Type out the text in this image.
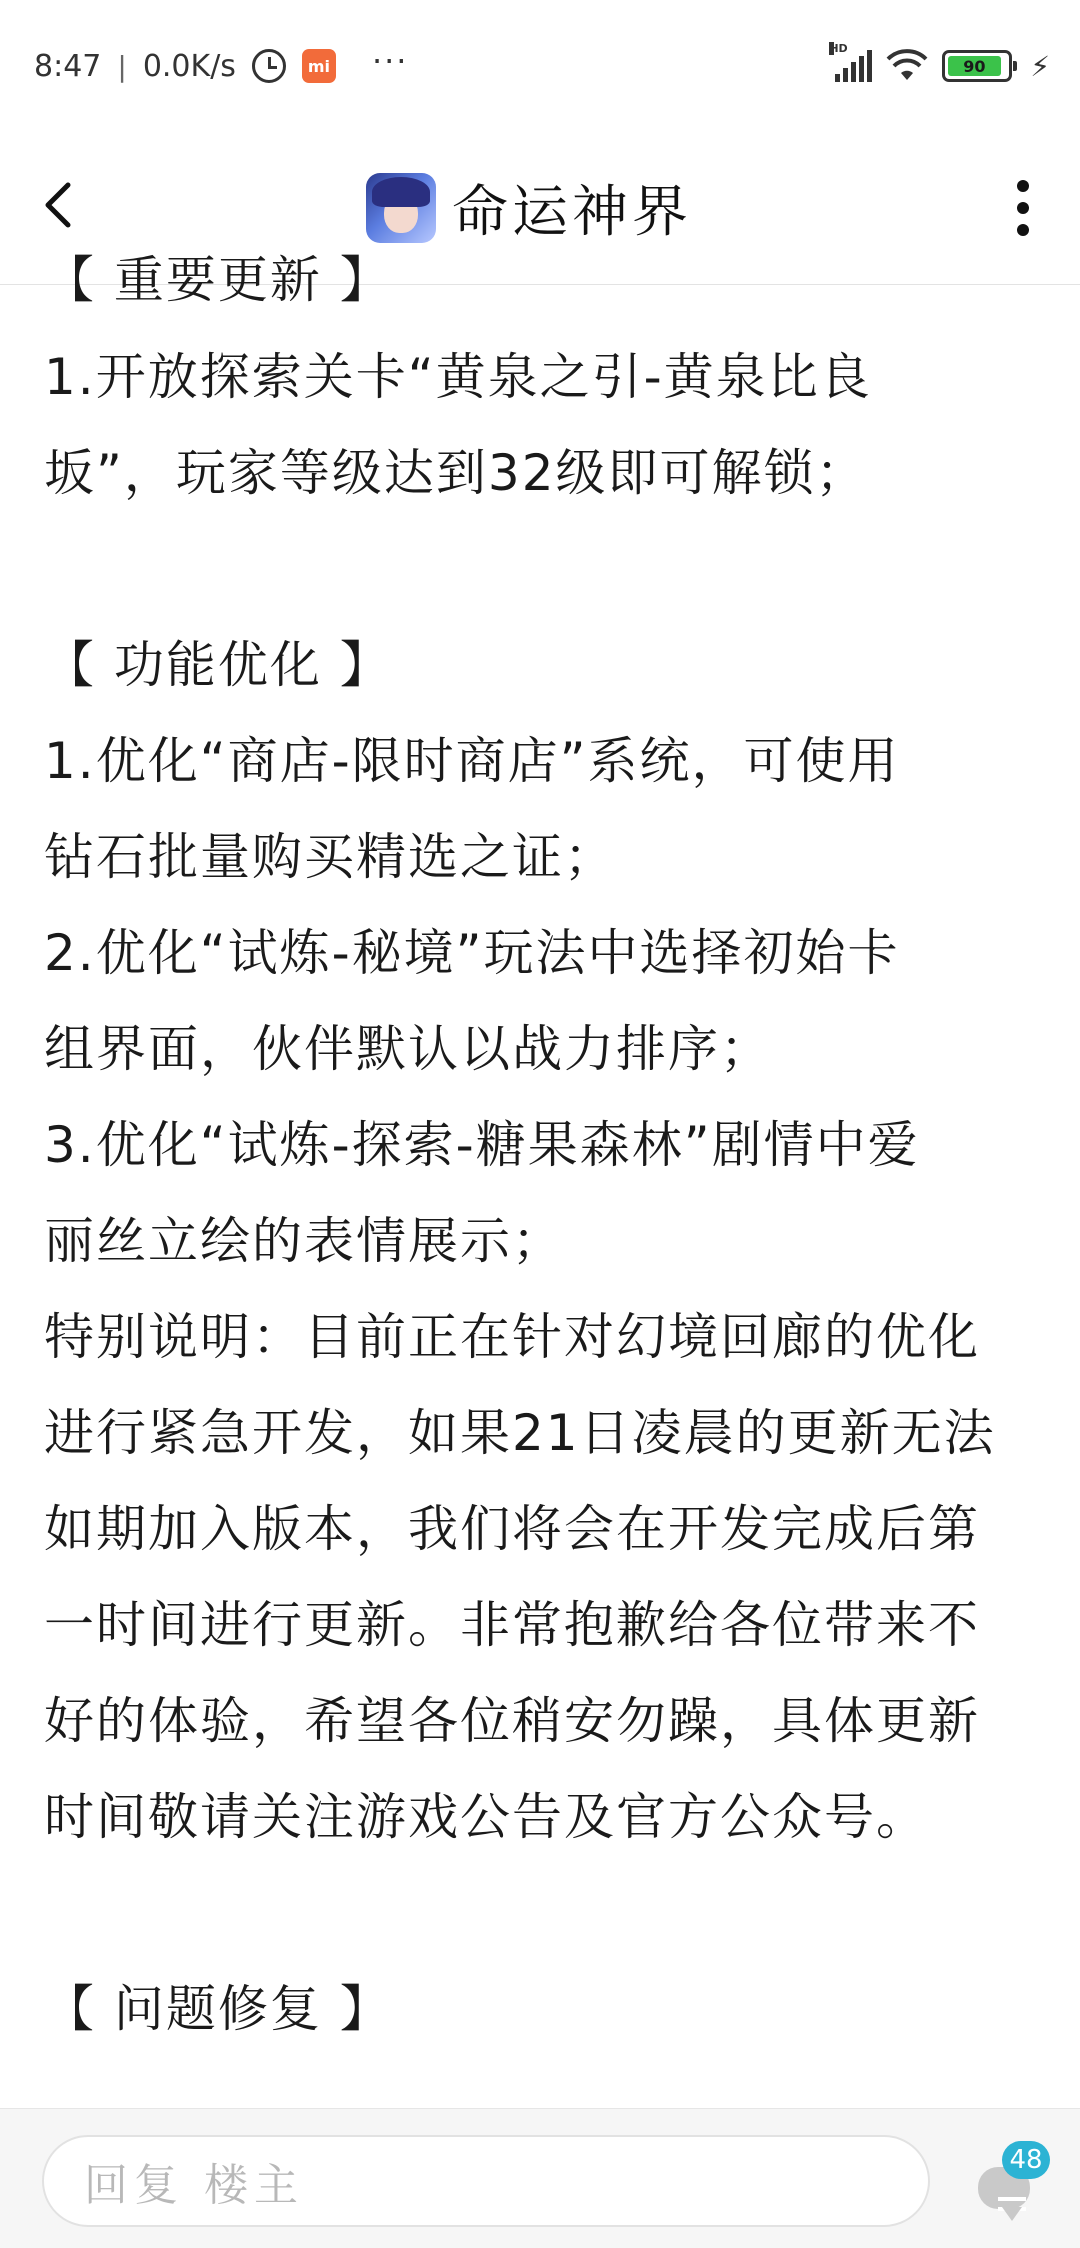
8:47 | 0.0K/s	mi ···	HD
90	⚡
命运神界
【 重要更新 】
1.开放探索关卡“黄泉之引-黄泉比良
坂”，玩家等级达到32级即可解锁；
【 功能优化 】
1.优化“商店-限时商店”系统，可使用
钻石批量购买精选之证；
2.优化“试炼-秘境”玩法中选择初始卡
组界面，伙伴默认以战力排序；
3.优化“试炼-探索-糖果森林”剧情中爱
丽丝立绘的表情展示；
特别说明：目前正在针对幻境回廊的优化
进行紧急开发，如果21日凌晨的更新无法
如期加入版本，我们将会在开发完成后第
一时间进行更新。非常抱歉给各位带来不
好的体验，希望各位稍安勿躁，具体更新
时间敬请关注游戏公告及官方公众号。
【 问题修复 】
回复 楼主	48
